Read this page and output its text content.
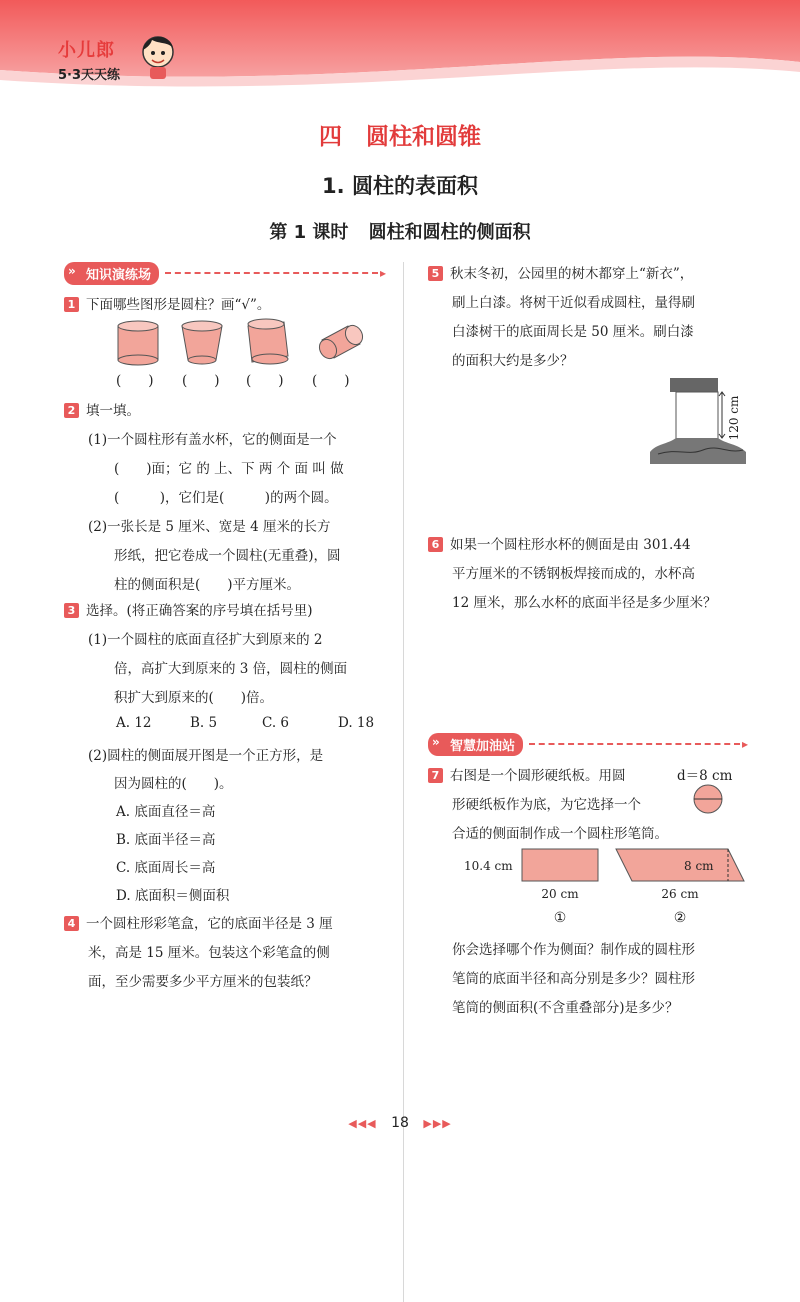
小儿郎
5·3天天练
四 圆柱和圆锥
1. 圆柱的表面积
第 1 课时 圆柱和圆柱的侧面积
» 知识演练场	▸
1 下面哪些图形是圆柱？画“√”。
(　　) (　　) (　　) (　　)
2 填一填。
(1)一个圆柱形有盖水杯，它的侧面是一个
(　　)面；它 的 上、下 两 个 面 叫 做
(　　　)，它们是(　　　)的两个圆。
(2)一张长是 5 厘米、宽是 4 厘米的长方
形纸，把它卷成一个圆柱(无重叠)，圆
柱的侧面积是(　　)平方厘米。
3 选择。(将正确答案的序号填在括号里)
(1)一个圆柱的底面直径扩大到原来的 2
倍，高扩大到原来的 3 倍，圆柱的侧面
积扩大到原来的(　　)倍。
A. 12	B. 5	C. 6	D. 18
(2)圆柱的侧面展开图是一个正方形，是
因为圆柱的(　　)。
A. 底面直径＝高
B. 底面半径＝高
C. 底面周长＝高
D. 底面积＝侧面积
4 一个圆柱形彩笔盒，它的底面半径是 3 厘
米，高是 15 厘米。包装这个彩笔盒的侧
面，至少需要多少平方厘米的包装纸？
5 秋末冬初，公园里的树木都穿上“新衣”，
刷上白漆。将树干近似看成圆柱，量得刷
白漆树干的底面周长是 50 厘米。刷白漆
的面积大约是多少？
120 cm
6 如果一个圆柱形水杯的侧面是由 301.44
平方厘米的不锈钢板焊接而成的，水杯高
12 厘米，那么水杯的底面半径是多少厘米？
» 智慧加油站	▸
7 右图是一个圆形硬纸板。用圆	d＝8 cm
形硬纸板作为底，为它选择一个
合适的侧面制作成一个圆柱形笔筒。
10.4 cm
20 cm
①
8 cm
26 cm
②
你会选择哪个作为侧面？制作成的圆柱形
笔筒的底面半径和高分别是多少？圆柱形
笔筒的侧面积(不含重叠部分)是多少？
◀◀◀ 18 ▶▶▶
